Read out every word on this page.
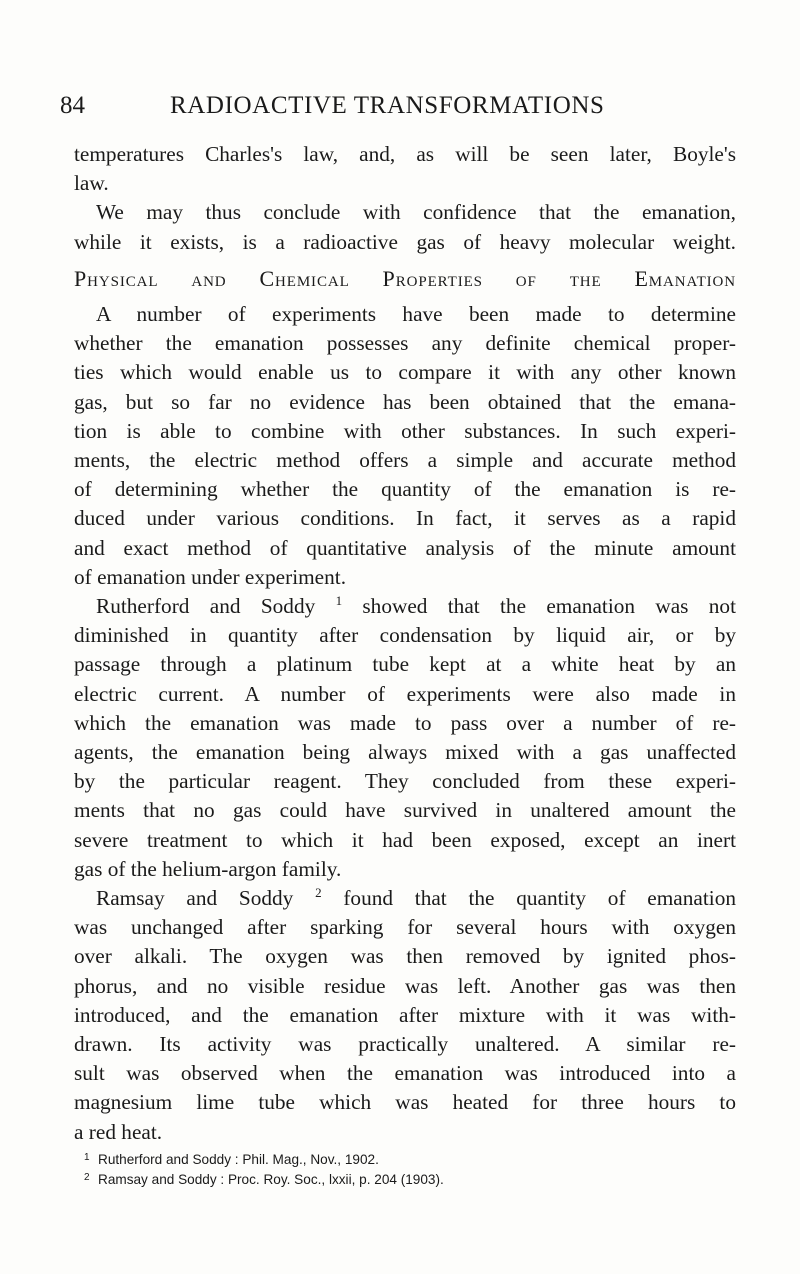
84	RADIOACTIVE TRANSFORMATIONS
temperatures Charles's law, and, as will be seen later, Boyle's
law.
We may thus conclude with confidence that the emanation,
while it exists, is a radioactive gas of heavy molecular weight.
Physical and Chemical Properties of the Emanation
A number of experiments have been made to determine
whether the emanation possesses any definite chemical proper-
ties which would enable us to compare it with any other known
gas, but so far no evidence has been obtained that the emana-
tion is able to combine with other substances. In such experi-
ments, the electric method offers a simple and accurate method
of determining whether the quantity of the emanation is re-
duced under various conditions. In fact, it serves as a rapid
and exact method of quantitative analysis of the minute amount
of emanation under experiment.
Rutherford and Soddy $^1$ showed that the emanation was not
diminished in quantity after condensation by liquid air, or by
passage through a platinum tube kept at a white heat by an
electric current. A number of experiments were also made in
which the emanation was made to pass over a number of re-
agents, the emanation being always mixed with a gas unaffected
by the particular reagent. They concluded from these experi-
ments that no gas could have survived in unaltered amount the
severe treatment to which it had been exposed, except an inert
gas of the helium-argon family.
Ramsay and Soddy $^2$ found that the quantity of emanation
was unchanged after sparking for several hours with oxygen
over alkali. The oxygen was then removed by ignited phos-
phorus, and no visible residue was left. Another gas was then
introduced, and the emanation after mixture with it was with-
drawn. Its activity was practically unaltered. A similar re-
sult was observed when the emanation was introduced into a
magnesium lime tube which was heated for three hours to
a red heat.
1 Rutherford and Soddy : Phil. Mag., Nov., 1902.
2 Ramsay and Soddy : Proc. Roy. Soc., lxxii, p. 204 (1903).
